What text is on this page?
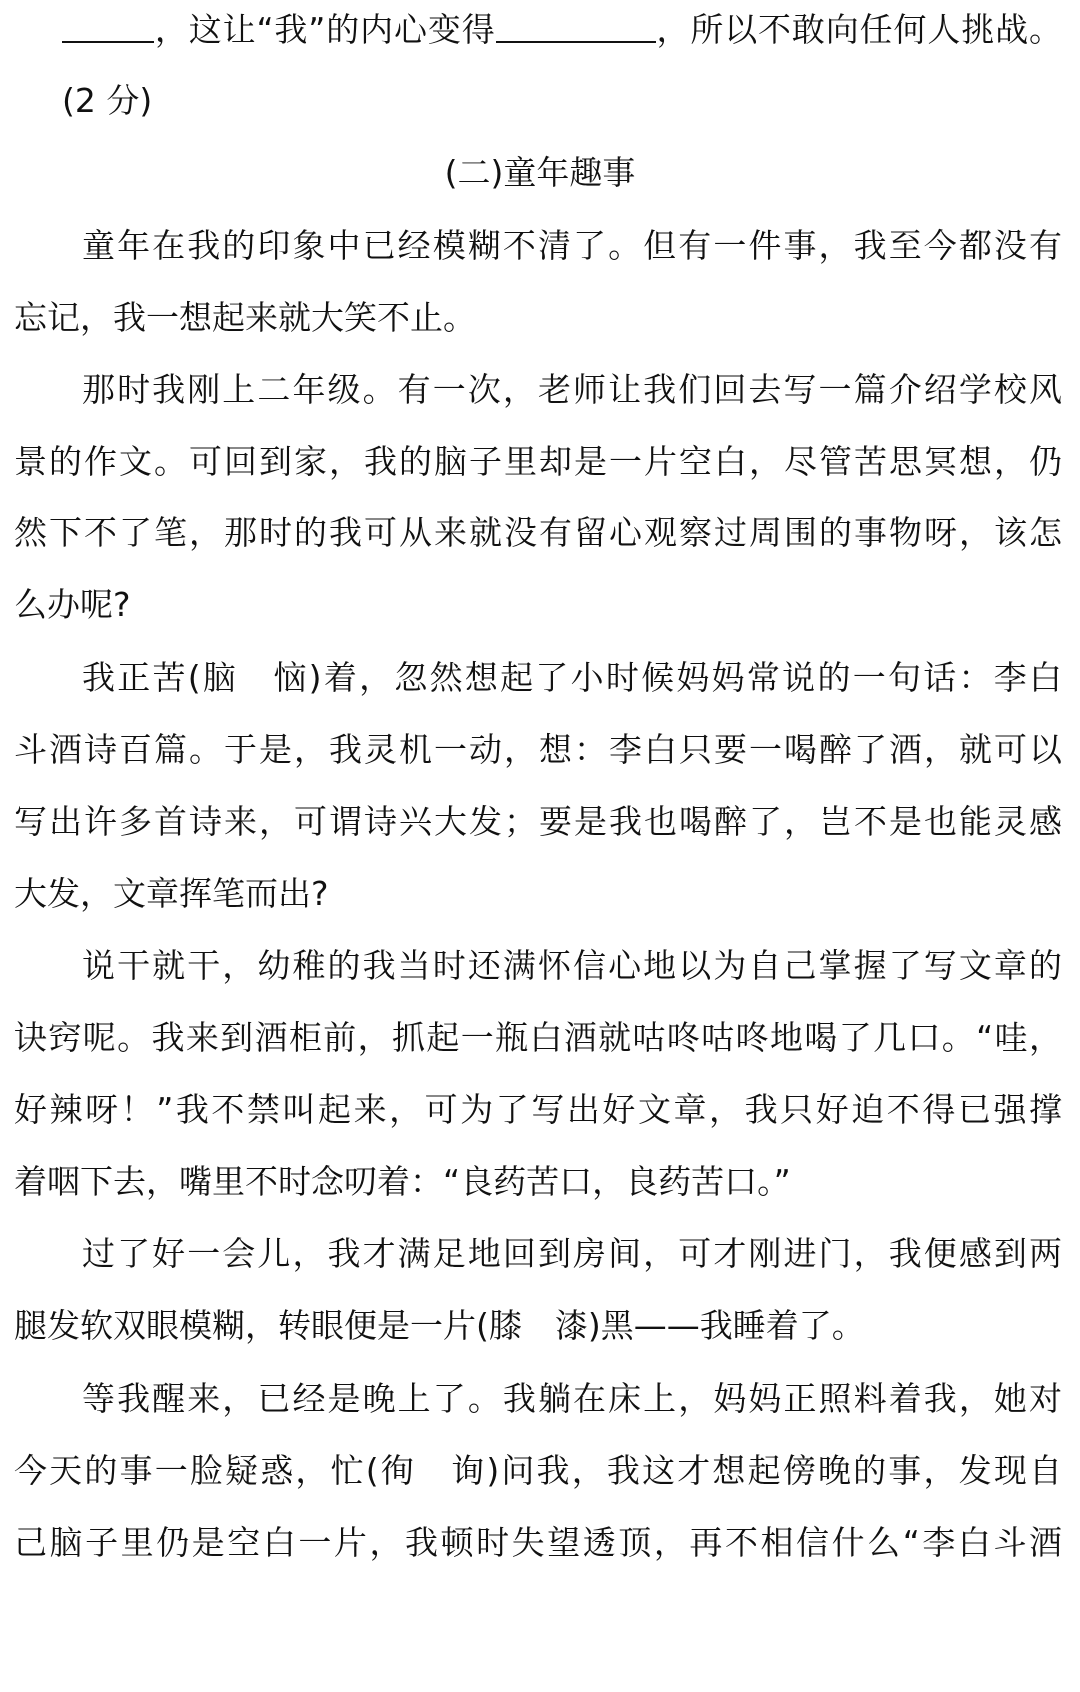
，这让“我”的内心变得	，所以不敢向任何人挑战。
(2 分)
(二)童年趣事
童年在我的印象中已经模糊不清了。但有一件事，我至今都没有
忘记，我一想起来就大笑不止。
那时我刚上二年级。有一次，老师让我们回去写一篇介绍学校风
景的作文。可回到家，我的脑子里却是一片空白，尽管苦思冥想，仍
然下不了笔，那时的我可从来就没有留心观察过周围的事物呀，该怎
么办呢?
我正苦(脑　恼)着，忽然想起了小时候妈妈常说的一句话：李白
斗酒诗百篇。于是，我灵机一动，想：李白只要一喝醉了酒，就可以
写出许多首诗来，可谓诗兴大发；要是我也喝醉了，岂不是也能灵感
大发，文章挥笔而出?
说干就干，幼稚的我当时还满怀信心地以为自己掌握了写文章的
诀窍呢。我来到酒柜前，抓起一瓶白酒就咕咚咕咚地喝了几口。“哇，
好辣呀！”我不禁叫起来，可为了写出好文章，我只好迫不得已强撑
着咽下去，嘴里不时念叨着：“良药苦口，良药苦口。”
过了好一会儿，我才满足地回到房间，可才刚进门，我便感到两
腿发软双眼模糊，转眼便是一片(膝　漆)黑——我睡着了。
等我醒来，已经是晚上了。我躺在床上，妈妈正照料着我，她对
今天的事一脸疑惑，忙(徇　询)问我，我这才想起傍晚的事，发现自
己脑子里仍是空白一片，我顿时失望透顶，再不相信什么“李白斗酒
